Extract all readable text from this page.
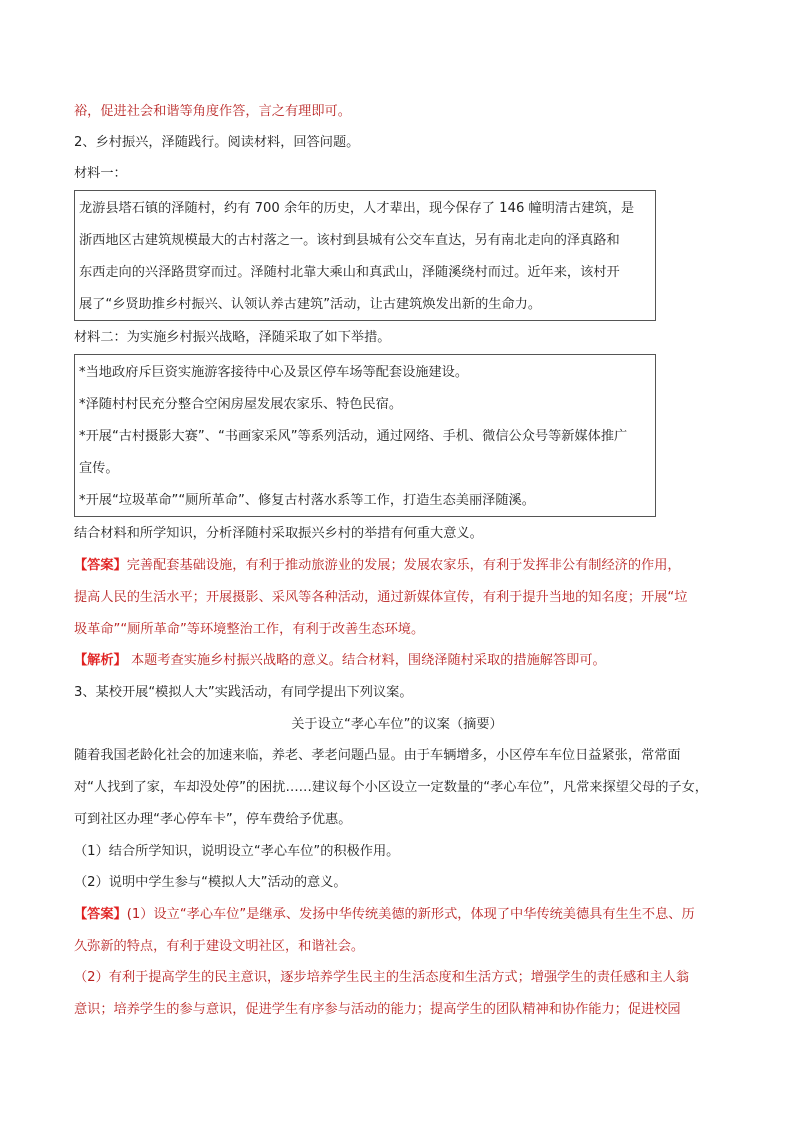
裕，促进社会和谐等角度作答，言之有理即可。
2、乡村振兴，泽随践行。阅读材料，回答问题。
材料一：
龙游县塔石镇的泽随村，约有 700 余年的历史，人才辈出，现今保存了 146 幢明清古建筑，是
浙西地区古建筑规模最大的古村落之一。该村到县城有公交车直达，另有南北走向的泽真路和
东西走向的兴泽路贯穿而过。泽随村北靠大乘山和真武山，泽随溪绕村而过。近年来，该村开
展了“乡贤助推乡村振兴、认领认养古建筑”活动，让古建筑焕发出新的生命力。
材料二：为实施乡村振兴战略，泽随采取了如下举措。
*当地政府斥巨资实施游客接待中心及景区停车场等配套设施建设。
*泽随村村民充分整合空闲房屋发展农家乐、特色民宿。
*开展“古村摄影大赛”、“书画家采风”等系列活动，通过网络、手机、微信公众号等新媒体推广
宣传。
*开展“垃圾革命”“厕所革命”、修复古村落水系等工作，打造生态美丽泽随溪。
结合材料和所学知识，分析泽随村采取振兴乡村的举措有何重大意义。
【答案】完善配套基础设施，有利于推动旅游业的发展；发展农家乐，有利于发挥非公有制经济的作用，
提高人民的生活水平；开展摄影、采风等各种活动，通过新媒体宣传，有利于提升当地的知名度；开展“垃
圾革命”“厕所革命”等环境整治工作，有利于改善生态环境。
【解析】 本题考查实施乡村振兴战略的意义。结合材料，围绕泽随村采取的措施解答即可。
3、某校开展“模拟人大”实践活动，有同学提出下列议案。
关于设立“孝心车位”的议案（摘要）
随着我国老龄化社会的加速来临，养老、孝老问题凸显。由于车辆增多，小区停车车位日益紧张，常常面
对“人找到了家，车却没处停”的困扰……建议每个小区设立一定数量的“孝心车位”，凡常来探望父母的子女，
可到社区办理“孝心停车卡”，停车费给予优惠。
（1）结合所学知识，说明设立“孝心车位”的积极作用。
（2）说明中学生参与“模拟人大”活动的意义。
【答案】(1）设立“孝心车位”是继承、发扬中华传统美德的新形式，体现了中华传统美德具有生生不息、历
久弥新的特点，有利于建设文明社区，和谐社会。
（2）有利于提高学生的民主意识，逐步培养学生民主的生活态度和生活方式；增强学生的责任感和主人翁
意识；培养学生的参与意识，促进学生有序参与活动的能力；提高学生的团队精神和协作能力；促进校园
